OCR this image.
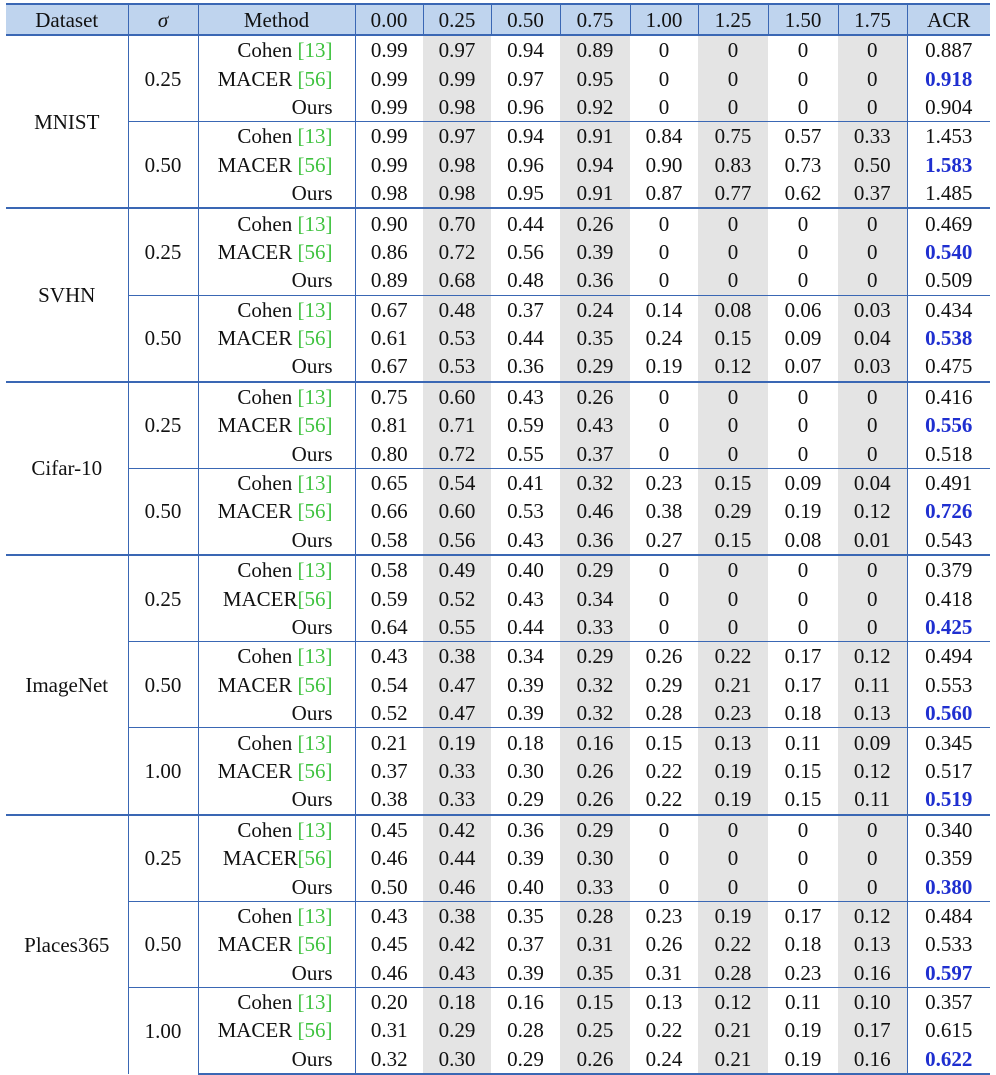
Dataset	σ	Method	0.00	0.25	0.50	0.75	1.00	1.25	1.50	1.75	ACR
MNIST	0.25	Cohen [13]	0.99	0.97	0.94	0.89	0	0	0	0	0.887
		MACER [56]	0.99	0.99	0.97	0.95	0	0	0	0	0.918
		Ours	0.99	0.98	0.96	0.92	0	0	0	0	0.904
	0.50	Cohen [13]	0.99	0.97	0.94	0.91	0.84	0.75	0.57	0.33	1.453
		MACER [56]	0.99	0.98	0.96	0.94	0.90	0.83	0.73	0.50	1.583
		Ours	0.98	0.98	0.95	0.91	0.87	0.77	0.62	0.37	1.485
SVHN	0.25	Cohen [13]	0.90	0.70	0.44	0.26	0	0	0	0	0.469
		MACER [56]	0.86	0.72	0.56	0.39	0	0	0	0	0.540
		Ours	0.89	0.68	0.48	0.36	0	0	0	0	0.509
	0.50	Cohen [13]	0.67	0.48	0.37	0.24	0.14	0.08	0.06	0.03	0.434
		MACER [56]	0.61	0.53	0.44	0.35	0.24	0.15	0.09	0.04	0.538
		Ours	0.67	0.53	0.36	0.29	0.19	0.12	0.07	0.03	0.475
Cifar-10	0.25	Cohen [13]	0.75	0.60	0.43	0.26	0	0	0	0	0.416
		MACER [56]	0.81	0.71	0.59	0.43	0	0	0	0	0.556
		Ours	0.80	0.72	0.55	0.37	0	0	0	0	0.518
	0.50	Cohen [13]	0.65	0.54	0.41	0.32	0.23	0.15	0.09	0.04	0.491
		MACER [56]	0.66	0.60	0.53	0.46	0.38	0.29	0.19	0.12	0.726
		Ours	0.58	0.56	0.43	0.36	0.27	0.15	0.08	0.01	0.543
ImageNet	0.25	Cohen [13]	0.58	0.49	0.40	0.29	0	0	0	0	0.379
		MACER[56]	0.59	0.52	0.43	0.34	0	0	0	0	0.418
		Ours	0.64	0.55	0.44	0.33	0	0	0	0	0.425
	0.50	Cohen [13]	0.43	0.38	0.34	0.29	0.26	0.22	0.17	0.12	0.494
		MACER [56]	0.54	0.47	0.39	0.32	0.29	0.21	0.17	0.11	0.553
		Ours	0.52	0.47	0.39	0.32	0.28	0.23	0.18	0.13	0.560
	1.00	Cohen [13]	0.21	0.19	0.18	0.16	0.15	0.13	0.11	0.09	0.345
		MACER [56]	0.37	0.33	0.30	0.26	0.22	0.19	0.15	0.12	0.517
		Ours	0.38	0.33	0.29	0.26	0.22	0.19	0.15	0.11	0.519
Places365	0.25	Cohen [13]	0.45	0.42	0.36	0.29	0	0	0	0	0.340
		MACER[56]	0.46	0.44	0.39	0.30	0	0	0	0	0.359
		Ours	0.50	0.46	0.40	0.33	0	0	0	0	0.380
	0.50	Cohen [13]	0.43	0.38	0.35	0.28	0.23	0.19	0.17	0.12	0.484
		MACER [56]	0.45	0.42	0.37	0.31	0.26	0.22	0.18	0.13	0.533
		Ours	0.46	0.43	0.39	0.35	0.31	0.28	0.23	0.16	0.597
	1.00	Cohen [13]	0.20	0.18	0.16	0.15	0.13	0.12	0.11	0.10	0.357
		MACER [56]	0.31	0.29	0.28	0.25	0.22	0.21	0.19	0.17	0.615
		Ours	0.32	0.30	0.29	0.26	0.24	0.21	0.19	0.16	0.622
